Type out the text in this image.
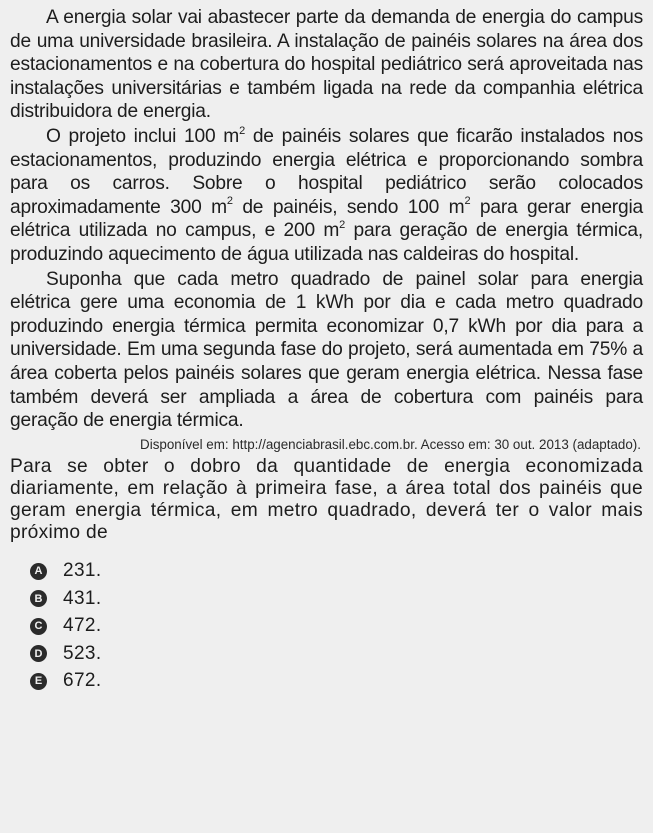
A energia solar vai abastecer parte da demanda de energia do campus de uma universidade brasileira. A instalação de painéis solares na área dos estacionamentos e na cobertura do hospital pediátrico será aproveitada nas instalações universitárias e também ligada na rede da companhia elétrica distribuidora de energia.

O projeto inclui 100 $m^2$ de painéis solares que ficarão instalados nos estacionamentos, produzindo energia elétrica e proporcionando sombra para os carros. Sobre o hospital pediátrico serão colocados aproximadamente 300 $m^2$ de painéis, sendo 100 $m^2$ para gerar energia elétrica utilizada no campus, e 200 $m^2$ para geração de energia térmica, produzindo aquecimento de água utilizada nas caldeiras do hospital.

Suponha que cada metro quadrado de painel solar para energia elétrica gere uma economia de 1 kWh por dia e cada metro quadrado produzindo energia térmica permita economizar 0,7 kWh por dia para a universidade. Em uma segunda fase do projeto, será aumentada em 75% a área coberta pelos painéis solares que geram energia elétrica. Nessa fase também deverá ser ampliada a área de cobertura com painéis para geração de energia térmica.

Disponível em: http://agenciabrasil.ebc.com.br. Acesso em: 30 out. 2013 (adaptado).

Para se obter o dobro da quantidade de energia economizada diariamente, em relação à primeira fase, a área total dos painéis que geram energia térmica, em metro quadrado, deverá ter o valor mais próximo de

A 231.
B 431.
C 472.
D 523.
E 672.
